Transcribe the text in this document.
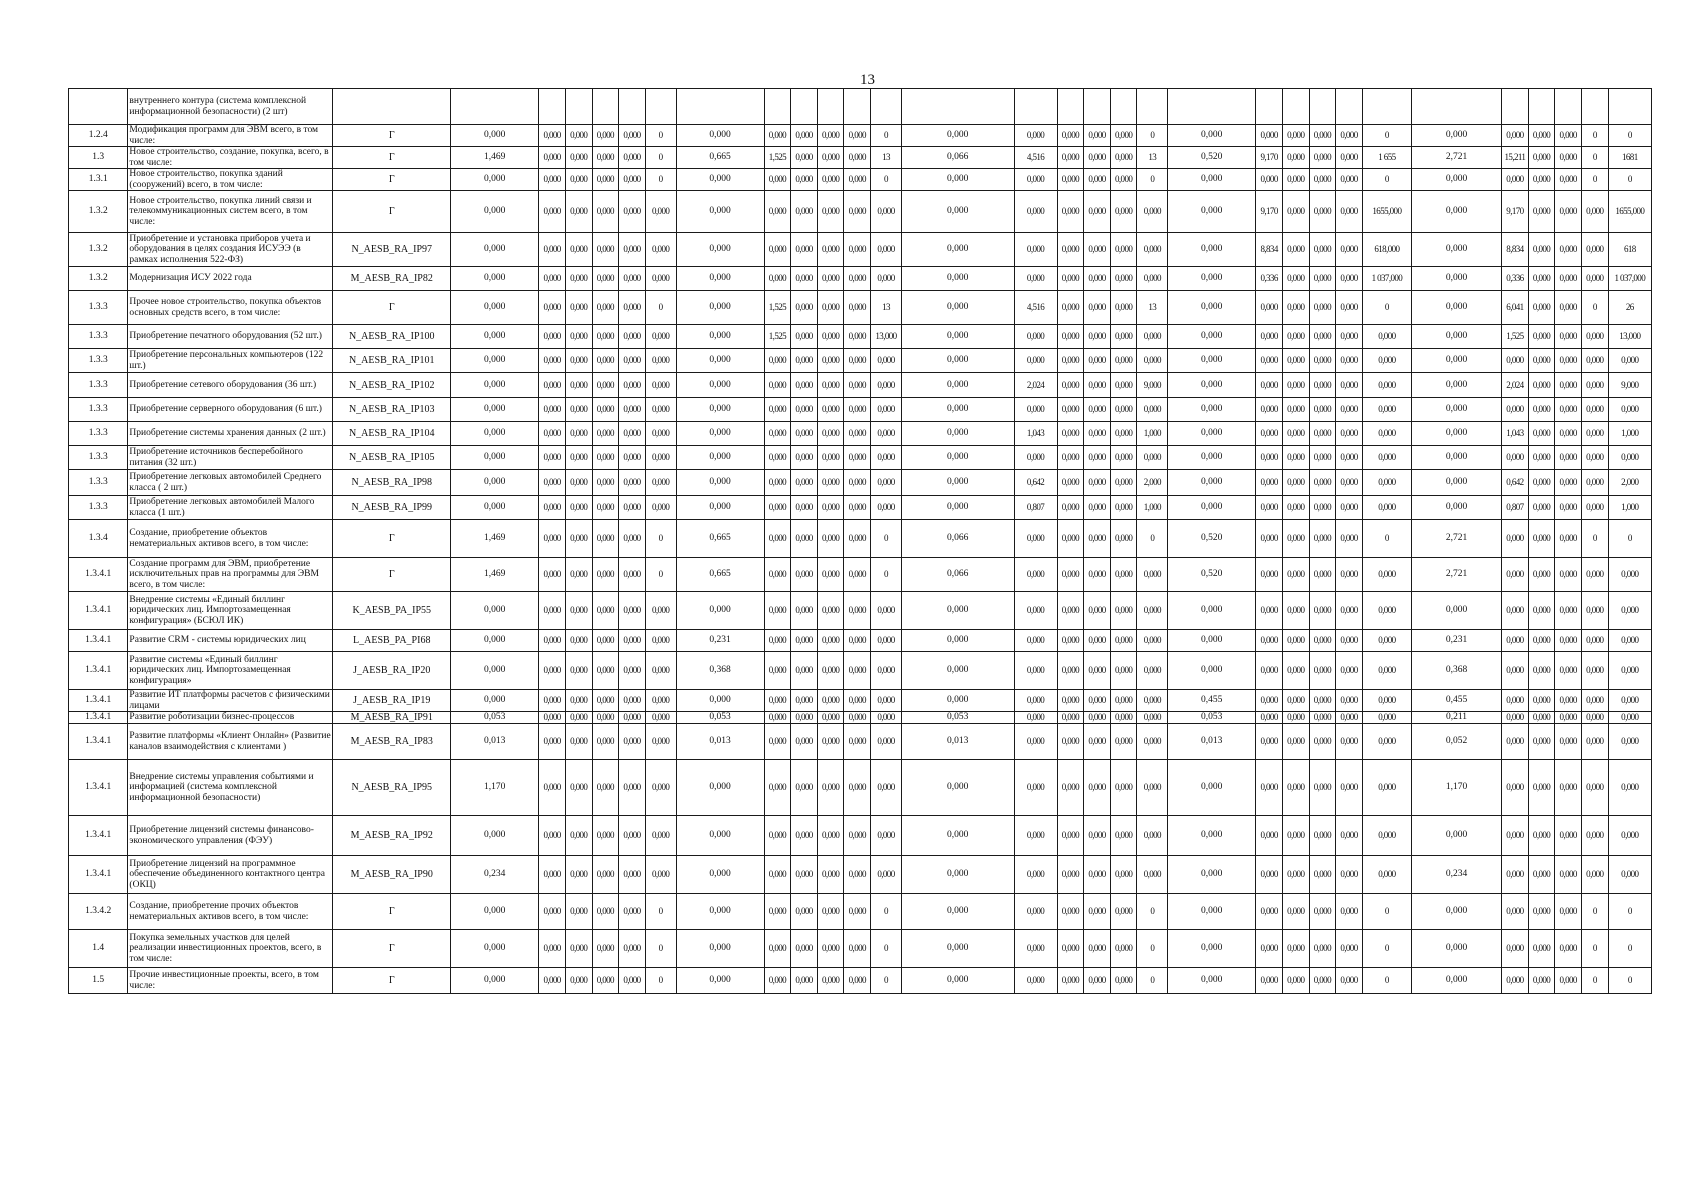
13
	внутреннего контура (система комплексной информационной безопасности) (2 шт)																															
1.2.4	Модификация программ для ЭВМ всего, в том числе:	Г	0,000	0,000	0,000	0,000	0,000	0	0,000	0,000	0,000	0,000	0,000	0	0,000	0,000	0,000	0,000	0,000	0	0,000	0,000	0,000	0,000	0,000	0	0,000	0,000	0,000	0,000	0	0
1.3	Новое строительство, создание, покупка, всего, в том числе:	Г	1,469	0,000	0,000	0,000	0,000	0	0,665	1,525	0,000	0,000	0,000	13	0,066	4,516	0,000	0,000	0,000	13	0,520	9,170	0,000	0,000	0,000	1 655	2,721	15,211	0,000	0,000	0	1681
1.3.1	Новое строительство, покупка зданий (сооружений) всего, в том числе:	Г	0,000	0,000	0,000	0,000	0,000	0	0,000	0,000	0,000	0,000	0,000	0	0,000	0,000	0,000	0,000	0,000	0	0,000	0,000	0,000	0,000	0,000	0	0,000	0,000	0,000	0,000	0	0
1.3.2	Новое строительство, покупка линий связи и телекоммуникационных систем всего, в том числе:	Г	0,000	0,000	0,000	0,000	0,000	0,000	0,000	0,000	0,000	0,000	0,000	0,000	0,000	0,000	0,000	0,000	0,000	0,000	0,000	9,170	0,000	0,000	0,000	1655,000	0,000	9,170	0,000	0,000	0,000	1655,000
1.3.2	Приобретение и установка приборов учета и оборудования в целях создания ИСУЭЭ (в рамках исполнения 522-ФЗ)	N_AESB_RA_IP97	0,000	0,000	0,000	0,000	0,000	0,000	0,000	0,000	0,000	0,000	0,000	0,000	0,000	0,000	0,000	0,000	0,000	0,000	0,000	8,834	0,000	0,000	0,000	618,000	0,000	8,834	0,000	0,000	0,000	618
1.3.2	Модернизация ИСУ 2022 года	M_AESB_RA_IP82	0,000	0,000	0,000	0,000	0,000	0,000	0,000	0,000	0,000	0,000	0,000	0,000	0,000	0,000	0,000	0,000	0,000	0,000	0,000	0,336	0,000	0,000	0,000	1 037,000	0,000	0,336	0,000	0,000	0,000	1 037,000
1.3.3	Прочее новое строительство, покупка объектов основных средств всего, в том числе:	Г	0,000	0,000	0,000	0,000	0,000	0	0,000	1,525	0,000	0,000	0,000	13	0,000	4,516	0,000	0,000	0,000	13	0,000	0,000	0,000	0,000	0,000	0	0,000	6,041	0,000	0,000	0	26
1.3.3	Приобретение печатного оборудования (52 шт.)	N_AESB_RA_IP100	0,000	0,000	0,000	0,000	0,000	0,000	0,000	1,525	0,000	0,000	0,000	13,000	0,000	0,000	0,000	0,000	0,000	0,000	0,000	0,000	0,000	0,000	0,000	0,000	0,000	1,525	0,000	0,000	0,000	13,000
1.3.3	Приобретение персональных компьютеров (122 шт.)	N_AESB_RA_IP101	0,000	0,000	0,000	0,000	0,000	0,000	0,000	0,000	0,000	0,000	0,000	0,000	0,000	0,000	0,000	0,000	0,000	0,000	0,000	0,000	0,000	0,000	0,000	0,000	0,000	0,000	0,000	0,000	0,000	0,000
1.3.3	Приобретение сетевого оборудования (36 шт.)	N_AESB_RA_IP102	0,000	0,000	0,000	0,000	0,000	0,000	0,000	0,000	0,000	0,000	0,000	0,000	0,000	2,024	0,000	0,000	0,000	9,000	0,000	0,000	0,000	0,000	0,000	0,000	0,000	2,024	0,000	0,000	0,000	9,000
1.3.3	Приобретение серверного оборудования (6 шт.)	N_AESB_RA_IP103	0,000	0,000	0,000	0,000	0,000	0,000	0,000	0,000	0,000	0,000	0,000	0,000	0,000	0,000	0,000	0,000	0,000	0,000	0,000	0,000	0,000	0,000	0,000	0,000	0,000	0,000	0,000	0,000	0,000	0,000
1.3.3	Приобретение системы хранения данных (2 шт.)	N_AESB_RA_IP104	0,000	0,000	0,000	0,000	0,000	0,000	0,000	0,000	0,000	0,000	0,000	0,000	0,000	1,043	0,000	0,000	0,000	1,000	0,000	0,000	0,000	0,000	0,000	0,000	0,000	1,043	0,000	0,000	0,000	1,000
1.3.3	Приобретение источников бесперебойного питания (32 шт.)	N_AESB_RA_IP105	0,000	0,000	0,000	0,000	0,000	0,000	0,000	0,000	0,000	0,000	0,000	0,000	0,000	0,000	0,000	0,000	0,000	0,000	0,000	0,000	0,000	0,000	0,000	0,000	0,000	0,000	0,000	0,000	0,000	0,000
1.3.3	Приобретение легковых автомобилей Среднего класса ( 2 шт.)	N_AESB_RA_IP98	0,000	0,000	0,000	0,000	0,000	0,000	0,000	0,000	0,000	0,000	0,000	0,000	0,000	0,642	0,000	0,000	0,000	2,000	0,000	0,000	0,000	0,000	0,000	0,000	0,000	0,642	0,000	0,000	0,000	2,000
1.3.3	Приобретение легковых автомобилей Малого класса (1 шт.)	N_AESB_RA_IP99	0,000	0,000	0,000	0,000	0,000	0,000	0,000	0,000	0,000	0,000	0,000	0,000	0,000	0,807	0,000	0,000	0,000	1,000	0,000	0,000	0,000	0,000	0,000	0,000	0,000	0,807	0,000	0,000	0,000	1,000
1.3.4	Создание, приобретение объектов нематериальных активов всего, в том числе:	Г	1,469	0,000	0,000	0,000	0,000	0	0,665	0,000	0,000	0,000	0,000	0	0,066	0,000	0,000	0,000	0,000	0	0,520	0,000	0,000	0,000	0,000	0	2,721	0,000	0,000	0,000	0	0
1.3.4.1	Создание программ для ЭВМ, приобретение исключительных прав на программы для ЭВМ всего, в том числе:	Г	1,469	0,000	0,000	0,000	0,000	0	0,665	0,000	0,000	0,000	0,000	0	0,066	0,000	0,000	0,000	0,000	0,000	0,520	0,000	0,000	0,000	0,000	0,000	2,721	0,000	0,000	0,000	0,000	0,000
1.3.4.1	Внедрение системы «Единый биллинг юридических лиц. Импортозамещенная конфигурация» (БСЮЛ ИК)	K_AESB_PA_IP55	0,000	0,000	0,000	0,000	0,000	0,000	0,000	0,000	0,000	0,000	0,000	0,000	0,000	0,000	0,000	0,000	0,000	0,000	0,000	0,000	0,000	0,000	0,000	0,000	0,000	0,000	0,000	0,000	0,000	0,000
1.3.4.1	Развитие CRM - системы юридических лиц	L_AESB_PA_PI68	0,000	0,000	0,000	0,000	0,000	0,000	0,231	0,000	0,000	0,000	0,000	0,000	0,000	0,000	0,000	0,000	0,000	0,000	0,000	0,000	0,000	0,000	0,000	0,000	0,231	0,000	0,000	0,000	0,000	0,000
1.3.4.1	Развитие системы «Единый биллинг юридических лиц. Импортозамещенная конфигурация»	J_AESB_RA_IP20	0,000	0,000	0,000	0,000	0,000	0,000	0,368	0,000	0,000	0,000	0,000	0,000	0,000	0,000	0,000	0,000	0,000	0,000	0,000	0,000	0,000	0,000	0,000	0,000	0,368	0,000	0,000	0,000	0,000	0,000
1.3.4.1	Развитие ИТ платформы расчетов с физическими лицами	J_AESB_RA_IP19	0,000	0,000	0,000	0,000	0,000	0,000	0,000	0,000	0,000	0,000	0,000	0,000	0,000	0,000	0,000	0,000	0,000	0,000	0,455	0,000	0,000	0,000	0,000	0,000	0,455	0,000	0,000	0,000	0,000	0,000
1.3.4.1	Развитие роботизации бизнес-процессов	M_AESB_RA_IP91	0,053	0,000	0,000	0,000	0,000	0,000	0,053	0,000	0,000	0,000	0,000	0,000	0,053	0,000	0,000	0,000	0,000	0,000	0,053	0,000	0,000	0,000	0,000	0,000	0,211	0,000	0,000	0,000	0,000	0,000
1.3.4.1	Развитие платформы «Клиент Онлайн» (Развитие каналов взаимодействия с клиентами )	M_AESB_RA_IP83	0,013	0,000	0,000	0,000	0,000	0,000	0,013	0,000	0,000	0,000	0,000	0,000	0,013	0,000	0,000	0,000	0,000	0,000	0,013	0,000	0,000	0,000	0,000	0,000	0,052	0,000	0,000	0,000	0,000	0,000
1.3.4.1	Внедрение системы управления событиями и информацией (система комплексной информационной безопасности)	N_AESB_RA_IP95	1,170	0,000	0,000	0,000	0,000	0,000	0,000	0,000	0,000	0,000	0,000	0,000	0,000	0,000	0,000	0,000	0,000	0,000	0,000	0,000	0,000	0,000	0,000	0,000	1,170	0,000	0,000	0,000	0,000	0,000
1.3.4.1	Приобретение лицензий системы финансово-экономического управления (ФЭУ)	M_AESB_RA_IP92	0,000	0,000	0,000	0,000	0,000	0,000	0,000	0,000	0,000	0,000	0,000	0,000	0,000	0,000	0,000	0,000	0,000	0,000	0,000	0,000	0,000	0,000	0,000	0,000	0,000	0,000	0,000	0,000	0,000	0,000
1.3.4.1	Приобретение лицензий на программное обеспечение объединенного контактного центра (ОКЦ)	M_AESB_RA_IP90	0,234	0,000	0,000	0,000	0,000	0,000	0,000	0,000	0,000	0,000	0,000	0,000	0,000	0,000	0,000	0,000	0,000	0,000	0,000	0,000	0,000	0,000	0,000	0,000	0,234	0,000	0,000	0,000	0,000	0,000
1.3.4.2	Создание, приобретение прочих объектов нематериальных активов всего, в том числе:	Г	0,000	0,000	0,000	0,000	0,000	0	0,000	0,000	0,000	0,000	0,000	0	0,000	0,000	0,000	0,000	0,000	0	0,000	0,000	0,000	0,000	0,000	0	0,000	0,000	0,000	0,000	0	0
1.4	Покупка земельных участков для целей реализации инвестиционных проектов, всего, в том числе:	Г	0,000	0,000	0,000	0,000	0,000	0	0,000	0,000	0,000	0,000	0,000	0	0,000	0,000	0,000	0,000	0,000	0	0,000	0,000	0,000	0,000	0,000	0	0,000	0,000	0,000	0,000	0	0
1.5	Прочие инвестиционные проекты, всего, в том числе:	Г	0,000	0,000	0,000	0,000	0,000	0	0,000	0,000	0,000	0,000	0,000	0	0,000	0,000	0,000	0,000	0,000	0	0,000	0,000	0,000	0,000	0,000	0	0,000	0,000	0,000	0,000	0	0
